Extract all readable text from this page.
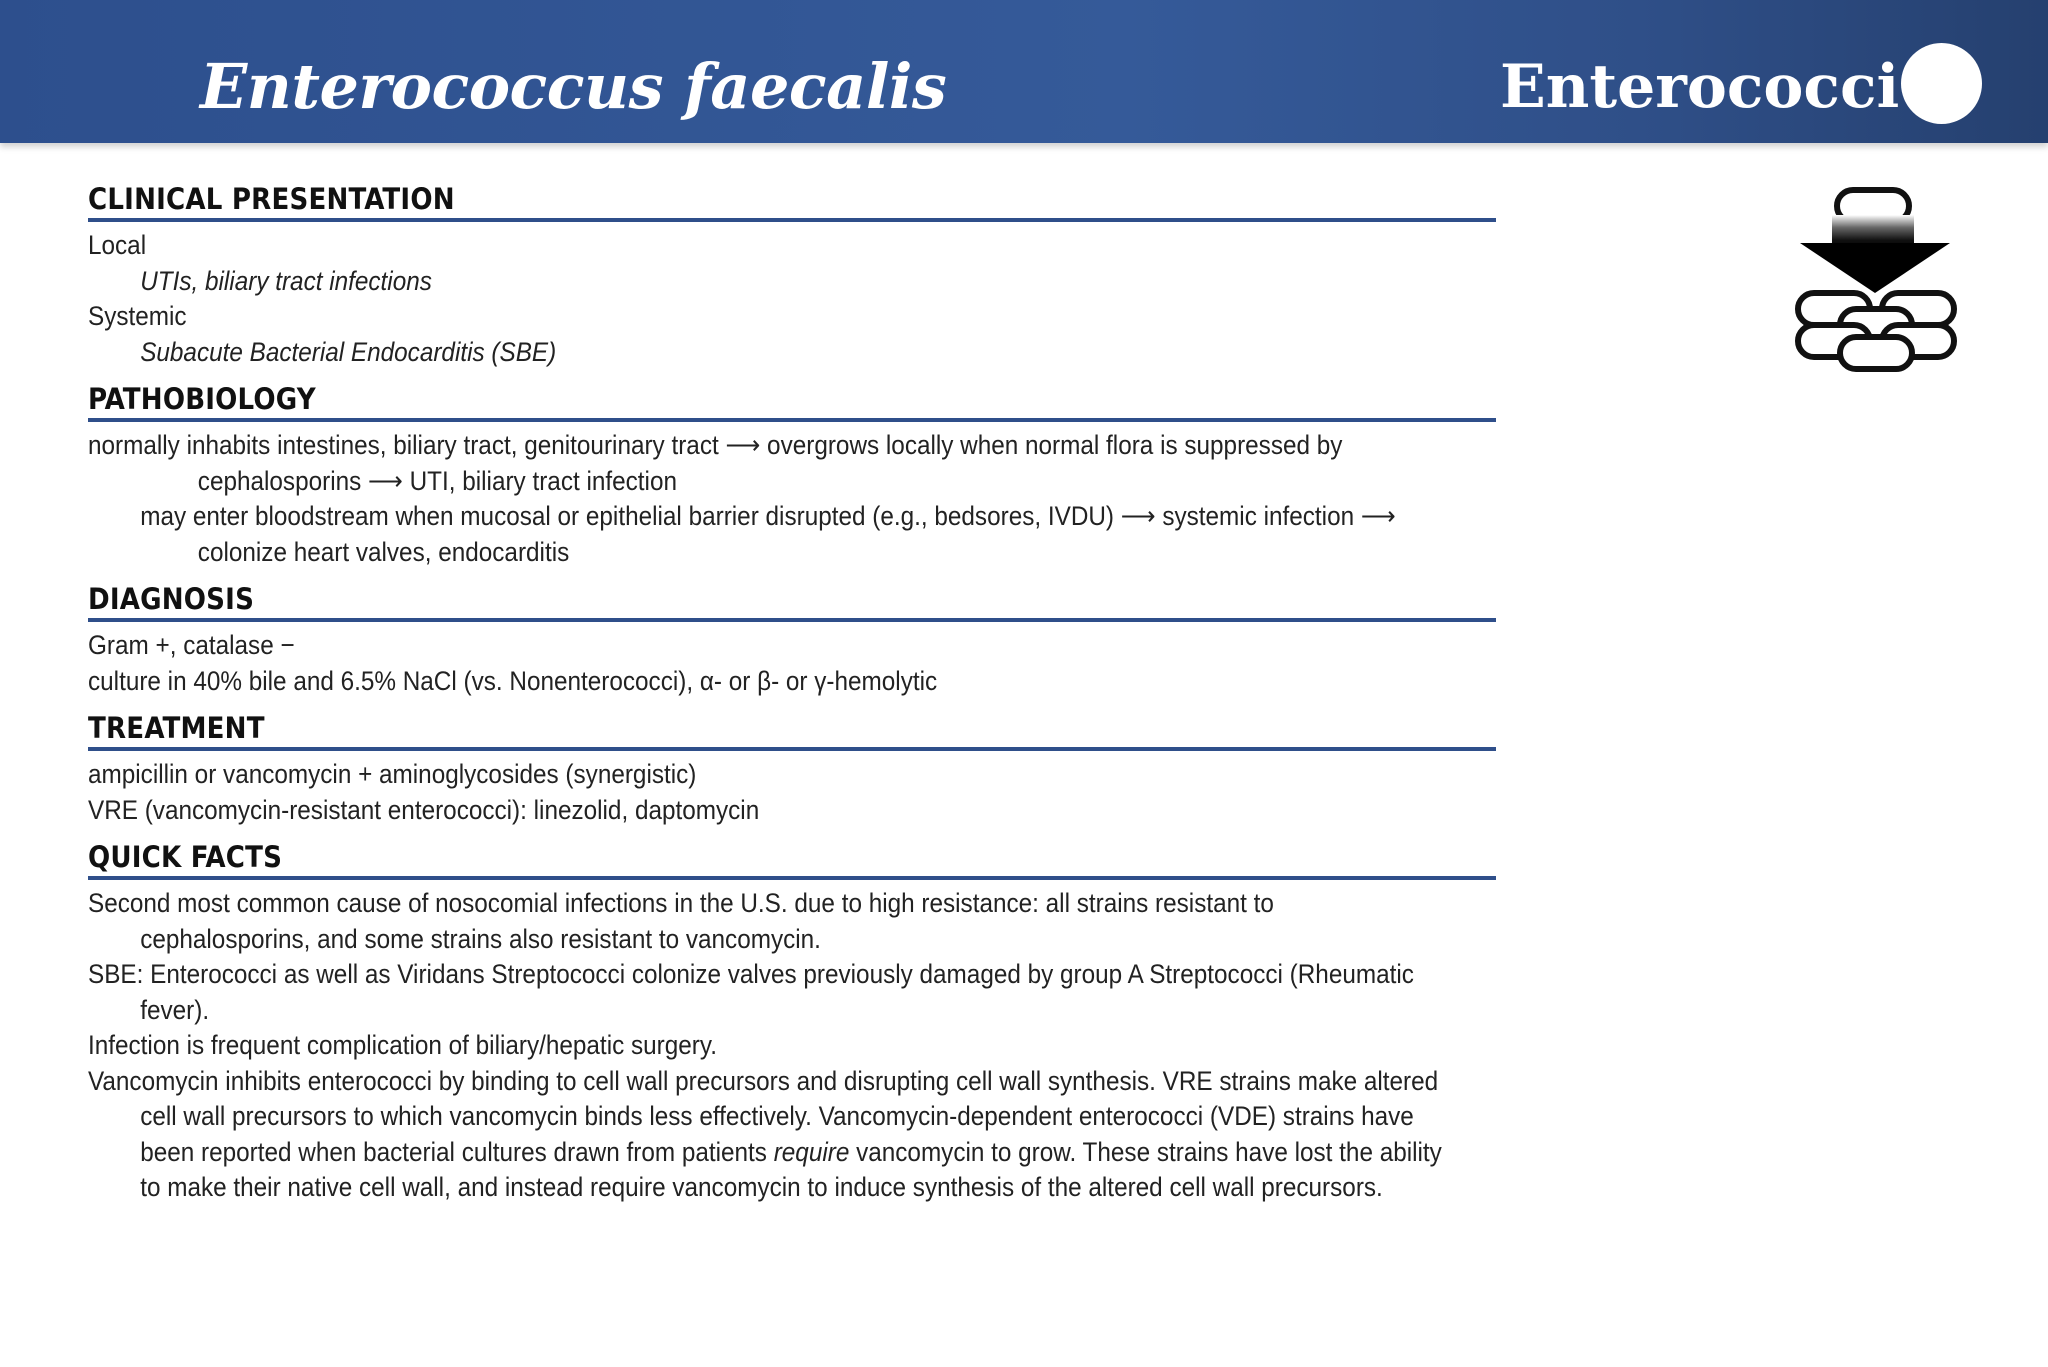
Enterococcus faecalis	Enterococci
CLINICAL PRESENTATION
Local
UTIs, biliary tract infections
Systemic
Subacute Bacterial Endocarditis (SBE)
PATHOBIOLOGY
normally inhabits intestines, biliary tract, genitourinary tract ⟶ overgrows locally when normal flora is suppressed by
cephalosporins ⟶ UTI, biliary tract infection
may enter bloodstream when mucosal or epithelial barrier disrupted (e.g., bedsores, IVDU) ⟶ systemic infection ⟶
colonize heart valves, endocarditis
DIAGNOSIS
Gram +, catalase −
culture in 40% bile and 6.5% NaCl (vs. Nonenterococci), α- or β- or γ-hemolytic
TREATMENT
ampicillin or vancomycin + aminoglycosides (synergistic)
VRE (vancomycin-resistant enterococci): linezolid, daptomycin
QUICK FACTS
Second most common cause of nosocomial infections in the U.S. due to high resistance: all strains resistant to
cephalosporins, and some strains also resistant to vancomycin.
SBE: Enterococci as well as Viridans Streptococci colonize valves previously damaged by group A Streptococci (Rheumatic
fever).
Infection is frequent complication of biliary/hepatic surgery.
Vancomycin inhibits enterococci by binding to cell wall precursors and disrupting cell wall synthesis. VRE strains make altered
cell wall precursors to which vancomycin binds less effectively. Vancomycin-dependent enterococci (VDE) strains have
been reported when bacterial cultures drawn from patients require vancomycin to grow. These strains have lost the ability
to make their native cell wall, and instead require vancomycin to induce synthesis of the altered cell wall precursors.
